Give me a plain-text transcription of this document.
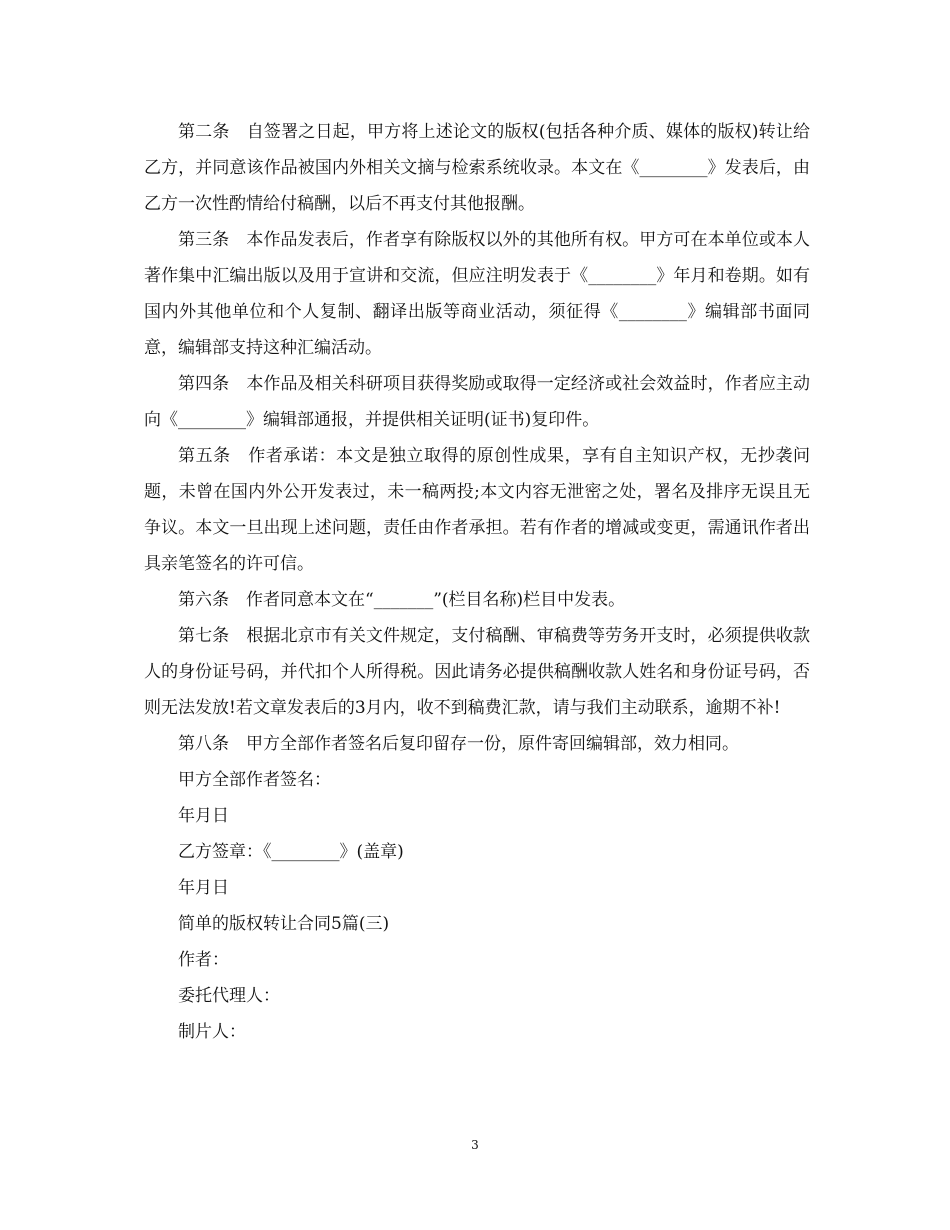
第二条　自签署之日起，甲方将上述论文的版权(包括各种介质、媒体的版权)转让给乙方，并同意该作品被国内外相关文摘与检索系统收录。本文在《________》发表后，由乙方一次性酌情给付稿酬，以后不再支付其他报酬。

第三条　本作品发表后，作者享有除版权以外的其他所有权。甲方可在本单位或本人著作集中汇编出版以及用于宣讲和交流，但应注明发表于《________》年月和卷期。如有国内外其他单位和个人复制、翻译出版等商业活动，须征得《________》编辑部书面同意，编辑部支持这种汇编活动。

第四条　本作品及相关科研项目获得奖励或取得一定经济或社会效益时，作者应主动向《________》编辑部通报，并提供相关证明(证书)复印件。

第五条　作者承诺：本文是独立取得的原创性成果，享有自主知识产权，无抄袭问题，未曾在国内外公开发表过，未一稿两投;本文内容无泄密之处，署名及排序无误且无争议。本文一旦出现上述问题，责任由作者承担。若有作者的增减或变更，需通讯作者出具亲笔签名的许可信。

第六条　作者同意本文在“_______”(栏目名称)栏目中发表。

第七条　根据北京市有关文件规定，支付稿酬、审稿费等劳务开支时，必须提供收款人的身份证号码，并代扣个人所得税。因此请务必提供稿酬收款人姓名和身份证号码，否则无法发放!若文章发表后的3月内，收不到稿费汇款，请与我们主动联系，逾期不补!

第八条　甲方全部作者签名后复印留存一份，原件寄回编辑部，效力相同。

甲方全部作者签名：

年月日

乙方签章：《________》(盖章)

年月日

简单的版权转让合同5篇(三)

作者：

委托代理人：

制片人：

3
